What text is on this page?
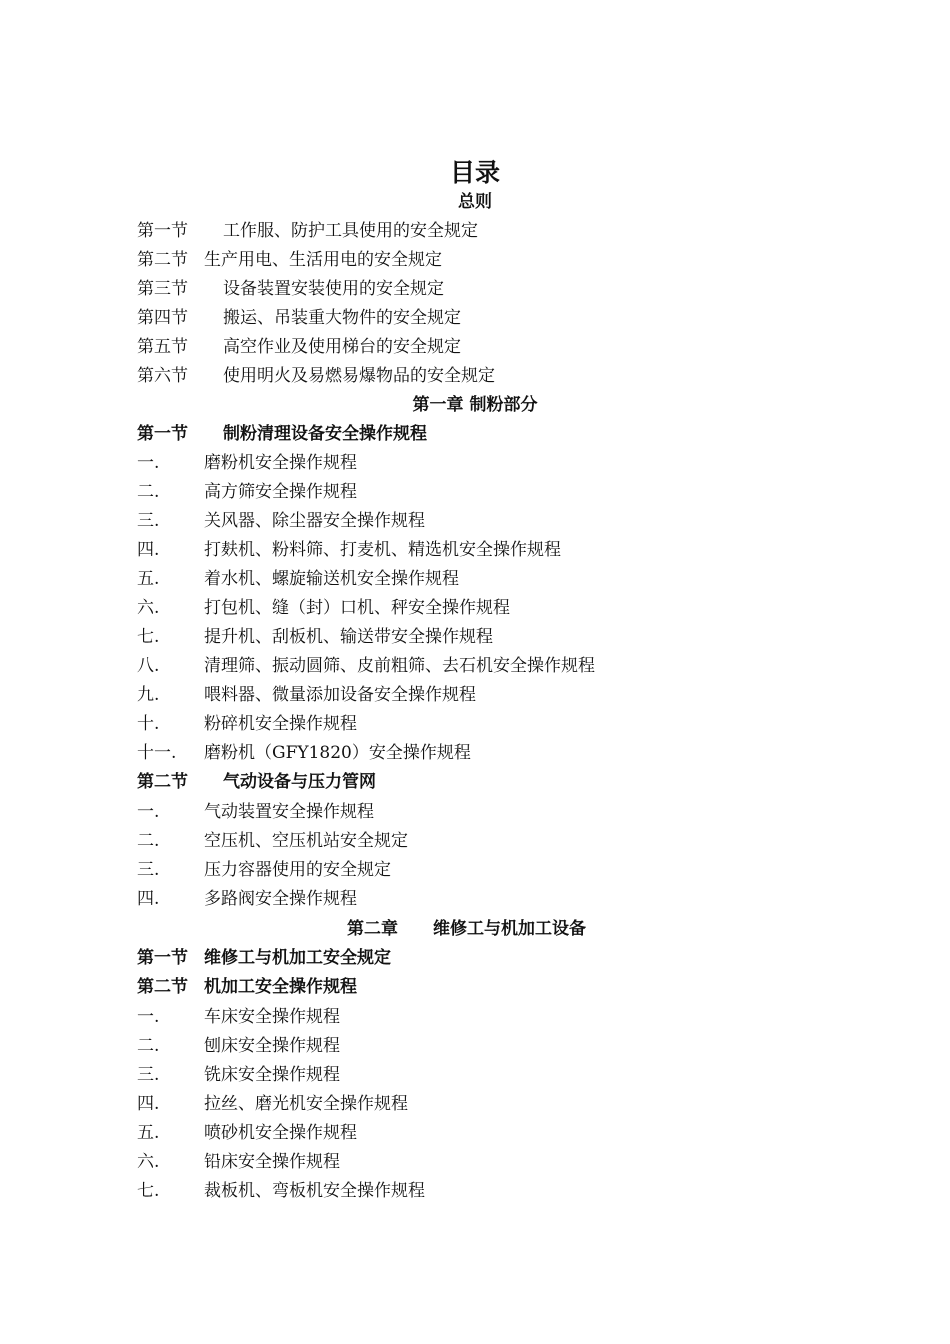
目录
总则
第一节 工作服、防护工具使用的安全规定
第二节 生产用电、生活用电的安全规定
第三节 设备装置安装使用的安全规定
第四节 搬运、吊装重大物件的安全规定
第五节 高空作业及使用梯台的安全规定
第六节 使用明火及易燃易爆物品的安全规定
第一章 制粉部分
第一节 制粉清理设备安全操作规程
一.	磨粉机安全操作规程
二.	高方筛安全操作规程
三.	关风器、除尘器安全操作规程
四.	打麸机、粉料筛、打麦机、精选机安全操作规程
五.	着水机、螺旋输送机安全操作规程
六.	打包机、缝（封）口机、秤安全操作规程
七.	提升机、刮板机、输送带安全操作规程
八.	清理筛、振动圆筛、皮前粗筛、去石机安全操作规程
九.	喂料器、微量添加设备安全操作规程
十.	粉碎机安全操作规程
十一. 磨粉机（GFY1820）安全操作规程
第二节 气动设备与压力管网
一.	气动装置安全操作规程
二.	空压机、空压机站安全规定
三.	压力容器使用的安全规定
四.	多路阀安全操作规程
第二章 维修工与机加工设备
第一节 维修工与机加工安全规定
第二节 机加工安全操作规程
一.	车床安全操作规程
二.	刨床安全操作规程
三.	铣床安全操作规程
四.	拉丝、磨光机安全操作规程
五.	喷砂机安全操作规程
六.	铅床安全操作规程
七.	裁板机、弯板机安全操作规程
